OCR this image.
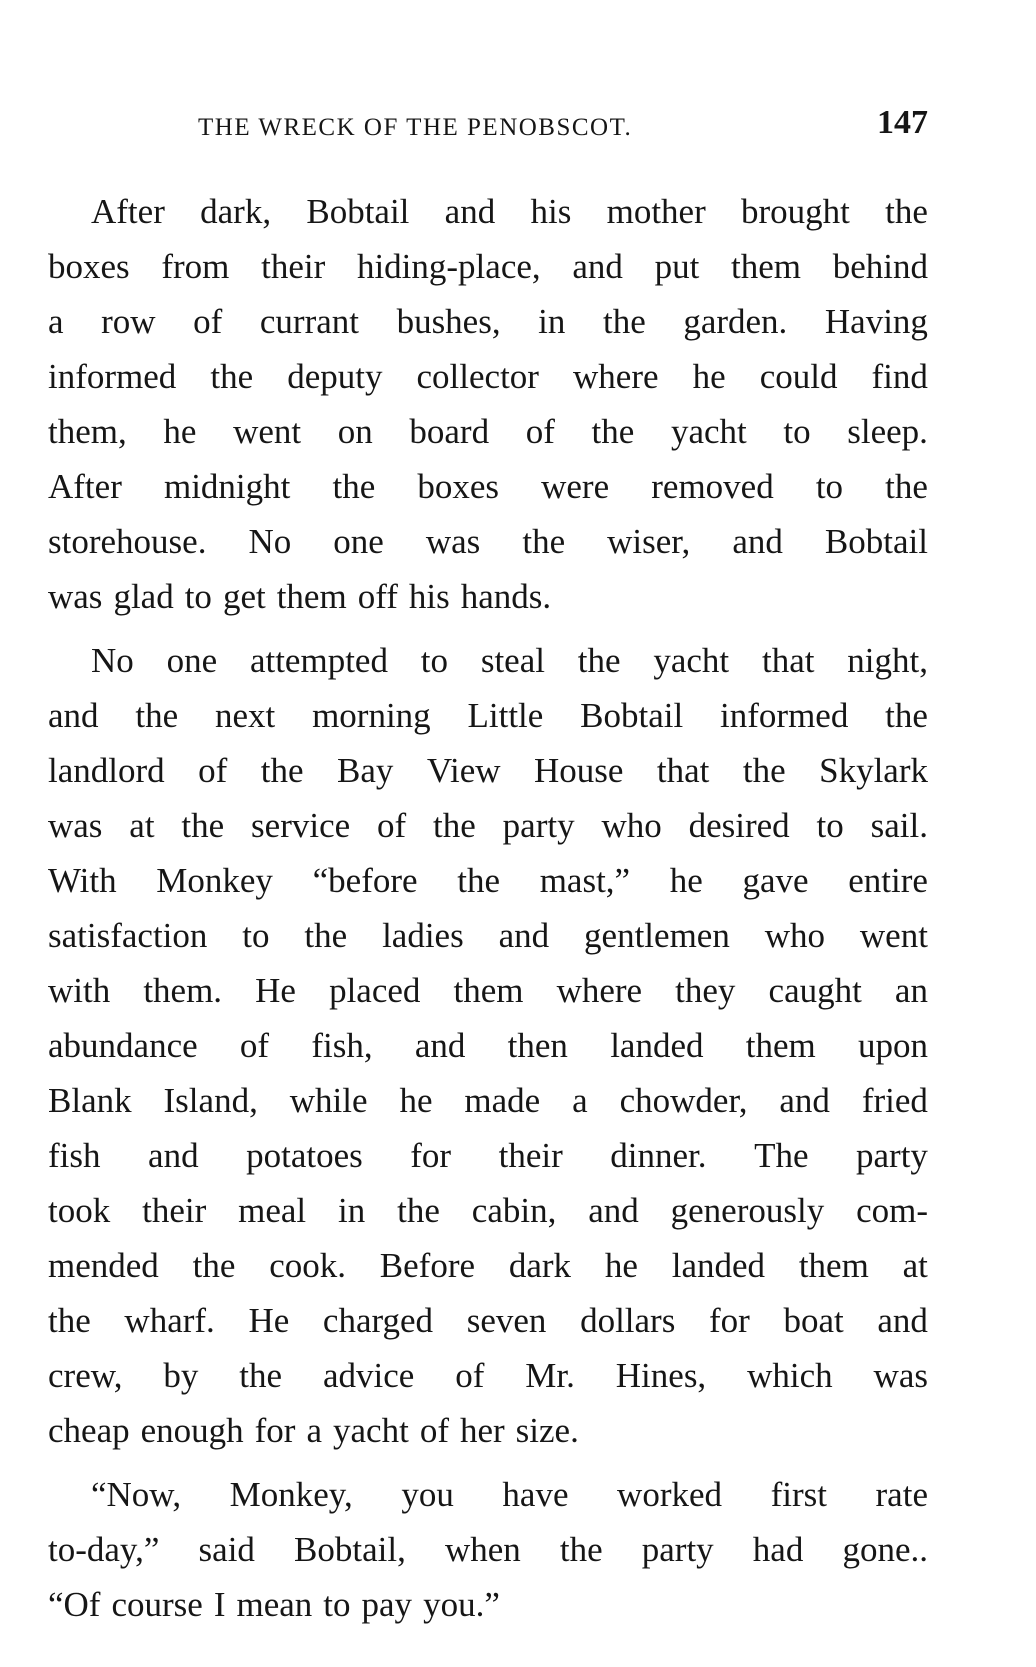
THE WRECK OF THE PENOBSCOT.	147
After dark, Bobtail and his mother brought the
boxes from their hiding-place, and put them behind
a row of currant bushes, in the garden. Having
informed the deputy collector where he could find
them, he went on board of the yacht to sleep.
After midnight the boxes were removed to the
storehouse. No one was the wiser, and Bobtail
was glad to get them off his hands.
No one attempted to steal the yacht that night,
and the next morning Little Bobtail informed the
landlord of the Bay View House that the Skylark
was at the service of the party who desired to sail.
With Monkey “before the mast,” he gave entire
satisfaction to the ladies and gentlemen who went
with them. He placed them where they caught an
abundance of fish, and then landed them upon
Blank Island, while he made a chowder, and fried
fish and potatoes for their dinner. The party
took their meal in the cabin, and generously com-
mended the cook. Before dark he landed them at
the wharf. He charged seven dollars for boat and
crew, by the advice of Mr. Hines, which was
cheap enough for a yacht of her size.
“Now, Monkey, you have worked first rate
to-day,” said Bobtail, when the party had gone..
“Of course I mean to pay you.”
